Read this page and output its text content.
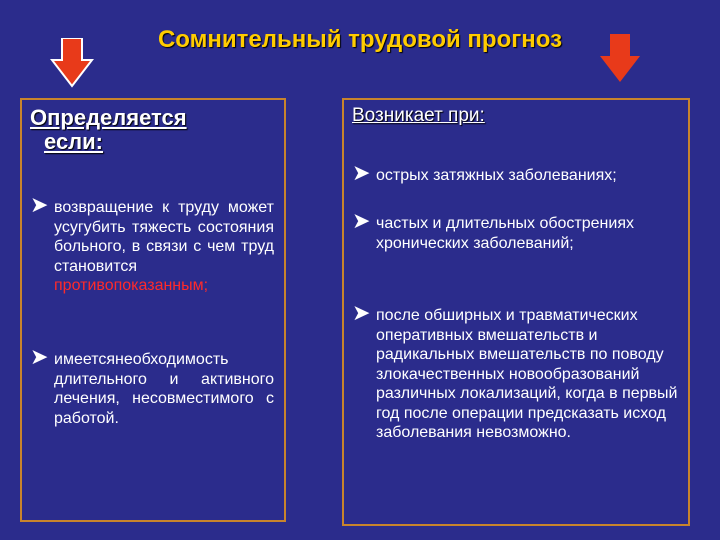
Сомнительный трудовой прогноз
Определяется
если:
➤ возвращение к труду может усугубить тяжесть состояния больного, в связи с чем труд становится противопоказанным;
➤ имеетсянеобходимость длительного и активного лечения, несовместимого с работой.
Возникает при:
➤ острых затяжных заболеваниях;
➤ частых и длительных обострениях хронических заболеваний;
➤ после обширных и травматических оперативных вмешательств и радикальных вмешательств по поводу злокачественных новообразований различных локализаций, когда в первый год после операции предсказать исход заболевания невозможно.
